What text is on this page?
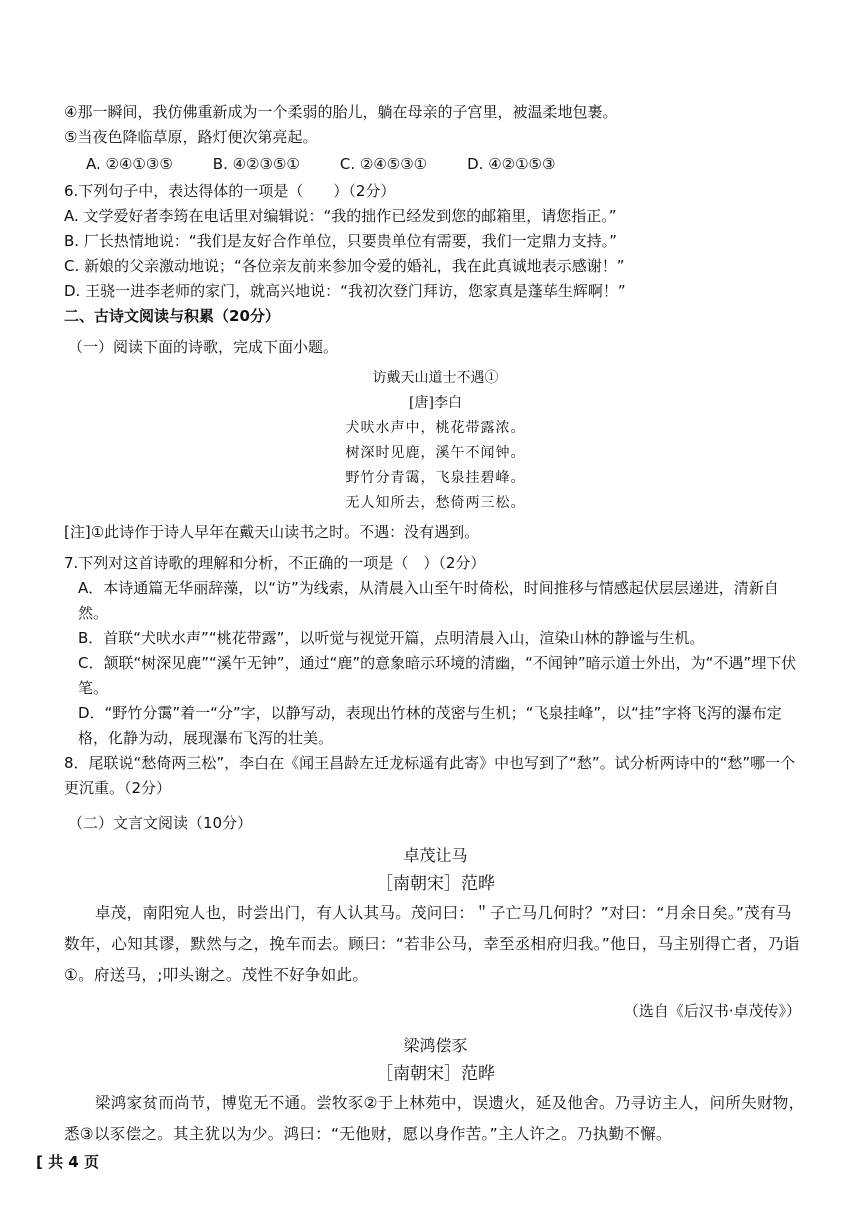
④那一瞬间，我仿佛重新成为一个柔弱的胎儿，躺在母亲的子宫里，被温柔地包裹。

⑤当夜色降临草原，路灯便次第亮起。

A. ②④①③⑤	B. ④②③⑤①	C. ②④⑤③①	D. ④②①⑤③

6.下列句子中，表达得体的一项是（　　）（2分）

A. 文学爱好者李筠在电话里对编辑说：“我的拙作已经发到您的邮箱里，请您指正。”

B. 厂长热情地说：“我们是友好合作单位，只要贵单位有需要，我们一定鼎力支持。”

C. 新娘的父亲激动地说；“各位亲友前来参加令爱的婚礼，我在此真诚地表示感谢！”

D. 王骁一进李老师的家门，就高兴地说：“我初次登门拜访，您家真是蓬荜生辉啊！”

二、古诗文阅读与积累（20分）

（一）阅读下面的诗歌，完成下面小题。

访戴天山道士不遇①

[唐]李白

犬吠水声中，桃花带露浓。

树深时见鹿，溪午不闻钟。

野竹分青霭，飞泉挂碧峰。

无人知所去，愁倚两三松。

[注]①此诗作于诗人早年在戴天山读书之时。不遇：没有遇到。

7.下列对这首诗歌的理解和分析，不正确的一项是（　）（2分）

A．本诗通篇无华丽辞藻，以“访”为线索，从清晨入山至午时倚松，时间推移与情感起伏层层递进，清新自然。

B．首联“犬吠水声”“桃花带露”，以听觉与视觉开篇，点明清晨入山，渲染山林的静谧与生机。

C．颔联“树深见鹿”“溪午无钟”，通过“鹿”的意象暗示环境的清幽，“不闻钟”暗示道士外出，为“不遇”埋下伏笔。

D．“野竹分霭”着一“分”字，以静写动，表现出竹林的茂密与生机；“飞泉挂峰”，以“挂”字将飞泻的瀑布定格，化静为动，展现瀑布飞泻的壮美。

8．尾联说“愁倚两三松”，李白在《闻王昌龄左迁龙标遥有此寄》中也写到了“愁”。试分析两诗中的“愁”哪一个更沉重。（2分）

（二）文言文阅读（10分）

卓茂让马

［南朝宋］范晔

卓茂，南阳宛人也，时尝出门，有人认其马。茂问曰：＂子亡马几何时？”对曰：“月余日矣。”茂有马数年，心知其谬，默然与之，挽车而去。顾曰：“若非公马，幸至丞相府归我。”他日，马主别得亡者，乃诣①。府送马，;叩头谢之。茂性不好争如此。

（选自《后汉书·卓茂传》）

梁鸿偿豕

［南朝宋］范晔

梁鸿家贫而尚节，博览无不通。尝牧豕②于上林苑中，误遗火，延及他舍。乃寻访主人，问所失财物，悉③以豕偿之。其主犹以为少。鸿曰：“无他财，愿以身作苦。”主人许之。乃执勤不懈。

[ 共 4 页
